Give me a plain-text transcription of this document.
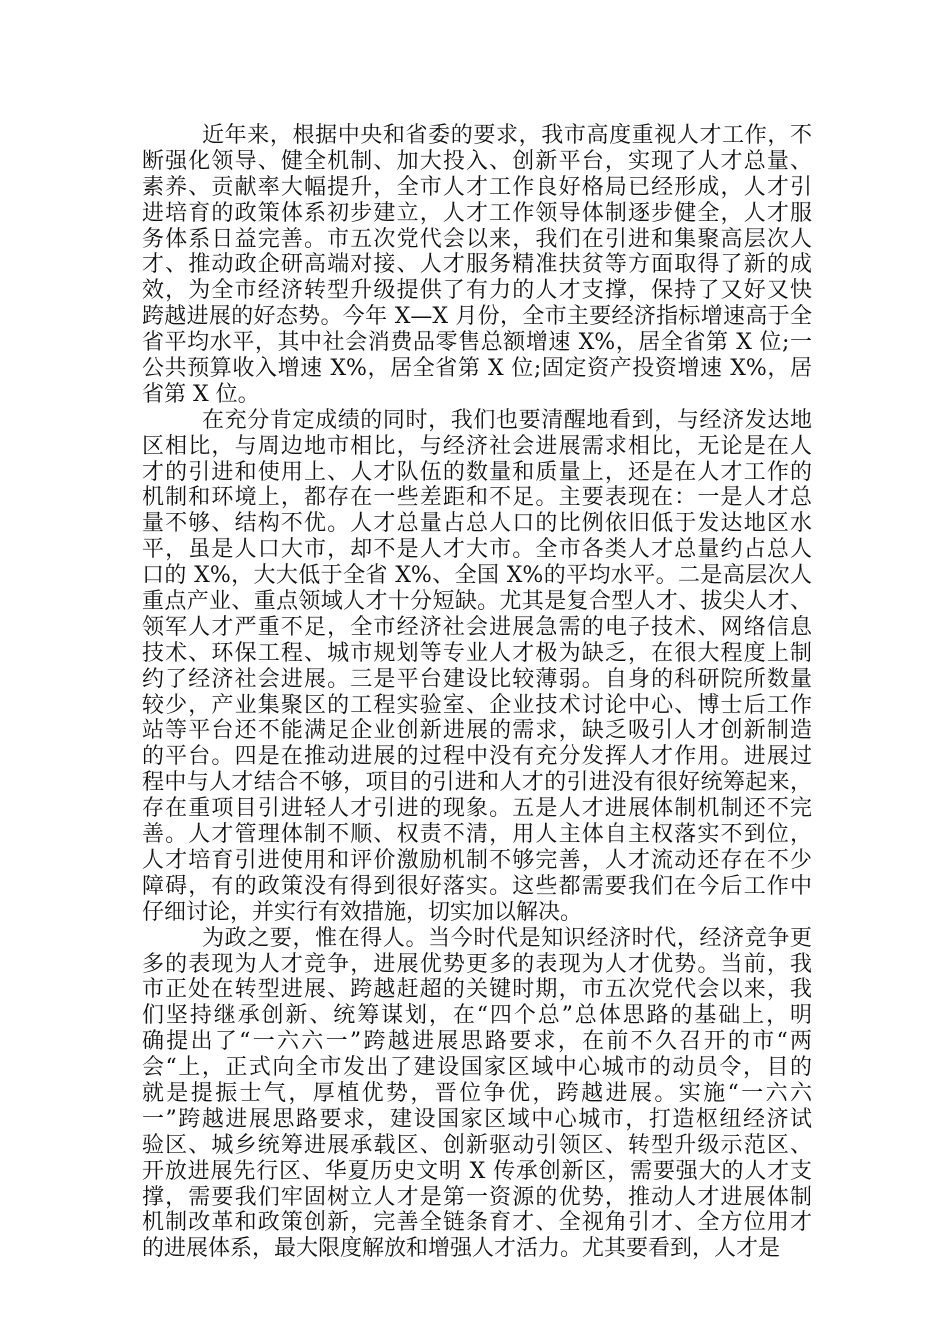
近年来，根据中央和省委的要求，我市高度重视人才工作，不
断强化领导、健全机制、加大投入、创新平台，实现了人才总量、
素养、贡献率大幅提升，全市人才工作良好格局已经形成，人才引
进培育的政策体系初步建立，人才工作领导体制逐步健全，人才服
务体系日益完善。市五次党代会以来，我们在引进和集聚高层次人
才、推动政企研高端对接、人才服务精准扶贫等方面取得了新的成
效，为全市经济转型升级提供了有力的人才支撑，保持了又好又快
跨越进展的好态势。今年 X—X 月份，全市主要经济指标增速高于全
省平均水平，其中社会消费品零售总额增速 X%，居全省第 X 位;一
公共预算收入增速 X%，居全省第 X 位;固定资产投资增速 X%，居
省第 X 位。
在充分肯定成绩的同时，我们也要清醒地看到，与经济发达地
区相比，与周边地市相比，与经济社会进展需求相比，无论是在人
才的引进和使用上、人才队伍的数量和质量上，还是在人才工作的
机制和环境上，都存在一些差距和不足。主要表现在：一是人才总
量不够、结构不优。人才总量占总人口的比例依旧低于发达地区水
平，虽是人口大市，却不是人才大市。全市各类人才总量约占总人
口的 X%，大大低于全省 X%、全国 X%的平均水平。二是高层次人
重点产业、重点领域人才十分短缺。尤其是复合型人才、拔尖人才、
领军人才严重不足，全市经济社会进展急需的电子技术、网络信息
技术、环保工程、城市规划等专业人才极为缺乏，在很大程度上制
约了经济社会进展。三是平台建设比较薄弱。自身的科研院所数量
较少，产业集聚区的工程实验室、企业技术讨论中心、博士后工作
站等平台还不能满足企业创新进展的需求，缺乏吸引人才创新制造
的平台。四是在推动进展的过程中没有充分发挥人才作用。进展过
程中与人才结合不够，项目的引进和人才的引进没有很好统筹起来，
存在重项目引进轻人才引进的现象。五是人才进展体制机制还不完
善。人才管理体制不顺、权责不清，用人主体自主权落实不到位，
人才培育引进使用和评价激励机制不够完善，人才流动还存在不少
障碍，有的政策没有得到很好落实。这些都需要我们在今后工作中
仔细讨论，并实行有效措施，切实加以解决。
为政之要，惟在得人。当今时代是知识经济时代，经济竞争更
多的表现为人才竞争，进展优势更多的表现为人才优势。当前，我
市正处在转型进展、跨越赶超的关键时期，市五次党代会以来，我
们坚持继承创新、统筹谋划，在“四个总”总体思路的基础上，明
确提出了“一六六一”跨越进展思路要求，在前不久召开的市“两
会“上，正式向全市发出了建设国家区域中心城市的动员令，目的
就是提振士气，厚植优势，晋位争优，跨越进展。实施“一六六
一”跨越进展思路要求，建设国家区域中心城市，打造枢纽经济试
验区、城乡统筹进展承载区、创新驱动引领区、转型升级示范区、
开放进展先行区、华夏历史文明 X 传承创新区，需要强大的人才支
撑，需要我们牢固树立人才是第一资源的优势，推动人才进展体制
机制改革和政策创新，完善全链条育才、全视角引才、全方位用才
的进展体系，最大限度解放和增强人才活力。尤其要看到，人才是
